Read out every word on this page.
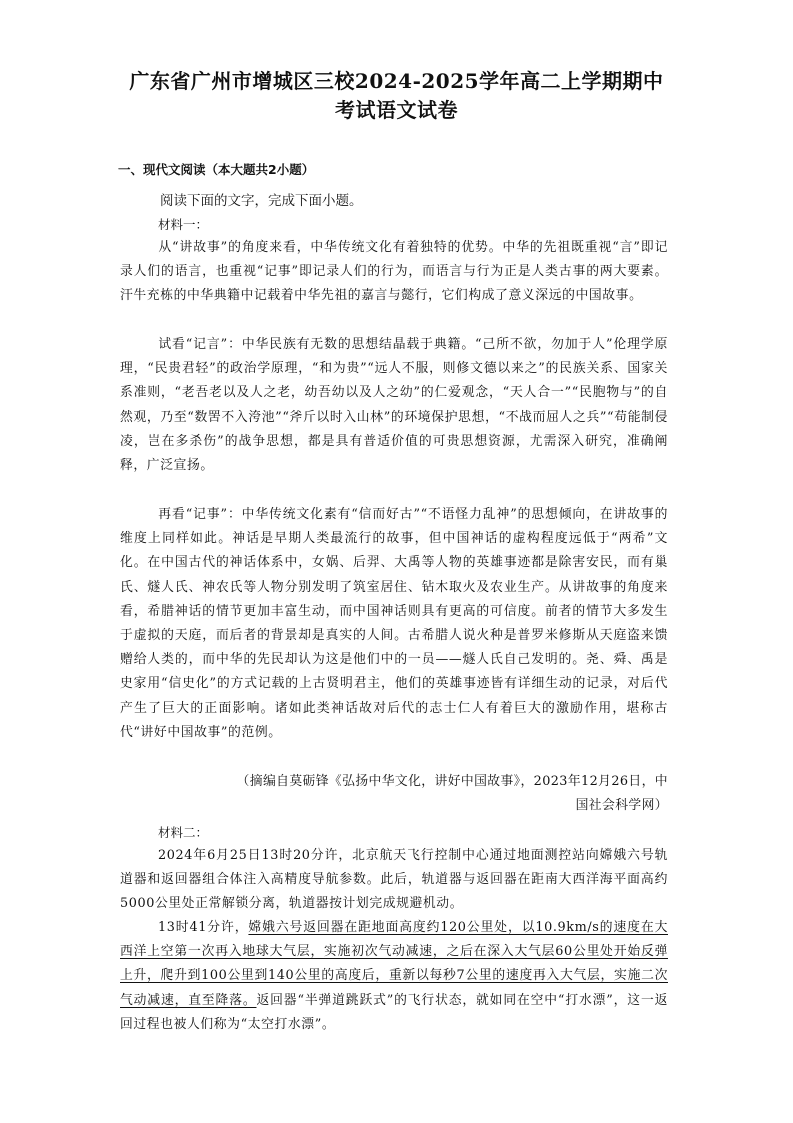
广东省广州市增城区三校2024-2025学年高二上学期期中
考试语文试卷
一、现代文阅读（本大题共2小题）
阅读下面的文字，完成下面小题。
材料一：

从“讲故事”的角度来看，中华传统文化有着独特的优势。中华的先祖既重视“言”即记录人们的语言，也重视“记事”即记录人们的行为，而语言与行为正是人类古事的两大要素。汗牛充栋的中华典籍中记载着中华先祖的嘉言与懿行，它们构成了意义深远的中国故事。

试看“记言”：中华民族有无数的思想结晶载于典籍。“己所不欲，勿加于人”伦理学原理，“民贵君轻”的政治学原理，“和为贵”“远人不服，则修文德以来之”的民族关系、国家关系准则，“老吾老以及人之老，幼吾幼以及人之幼”的仁爱观念，“天人合一”“民胞物与”的自然观，乃至“数罟不入洿池”“斧斤以时入山林”的环境保护思想，“不战而屈人之兵”“苟能制侵凌，岂在多杀伤”的战争思想，都是具有普适价值的可贵思想资源，尤需深入研究，准确阐释，广泛宣扬。

再看“记事”：中华传统文化素有“信而好古”“不语怪力乱神”的思想倾向，在讲故事的维度上同样如此。神话是早期人类最流行的故事，但中国神话的虚构程度远低于“两希”文化。在中国古代的神话体系中，女娲、后羿、大禹等人物的英雄事迹都是除害安民，而有巢氏、燧人氏、神农氏等人物分别发明了筑室居住、钻木取火及农业生产。从讲故事的角度来看，希腊神话的情节更加丰富生动，而中国神话则具有更高的可信度。前者的情节大多发生于虚拟的天庭，而后者的背景却是真实的人间。古希腊人说火种是普罗米修斯从天庭盗来馈赠给人类的，而中华的先民却认为这是他们中的一员——燧人氏自己发明的。尧、舜、禹是史家用“信史化”的方式记载的上古贤明君主，他们的英雄事迹皆有详细生动的记录，对后代产生了巨大的正面影响。诸如此类神话故对后代的志士仁人有着巨大的激励作用，堪称古代“讲好中国故事”的范例。

（摘编自莫砺锋《弘扬中华文化，讲好中国故事》，2023年12月26日，中
国社会科学网）
材料二：

2024年6月25日13时20分许，北京航天飞行控制中心通过地面测控站向嫦娥六号轨道器和返回器组合体注入高精度导航参数。此后，轨道器与返回器在距南大西洋海平面高约5000公里处正常解锁分离，轨道器按计划完成规避机动。

13时41分许，嫦娥六号返回器在距地面高度约120公里处，以10.9km/s的速度在大西洋上空第一次再入地球大气层，实施初次气动减速，之后在深入大气层60公里处开始反弹上升，爬升到100公里到140公里的高度后，重新以每秒7公里的速度再入大气层，实施二次气动减速，直至降落。返回器“半弹道跳跃式”的飞行状态，就如同在空中“打水漂”，这一返回过程也被人们称为“太空打水漂”。
